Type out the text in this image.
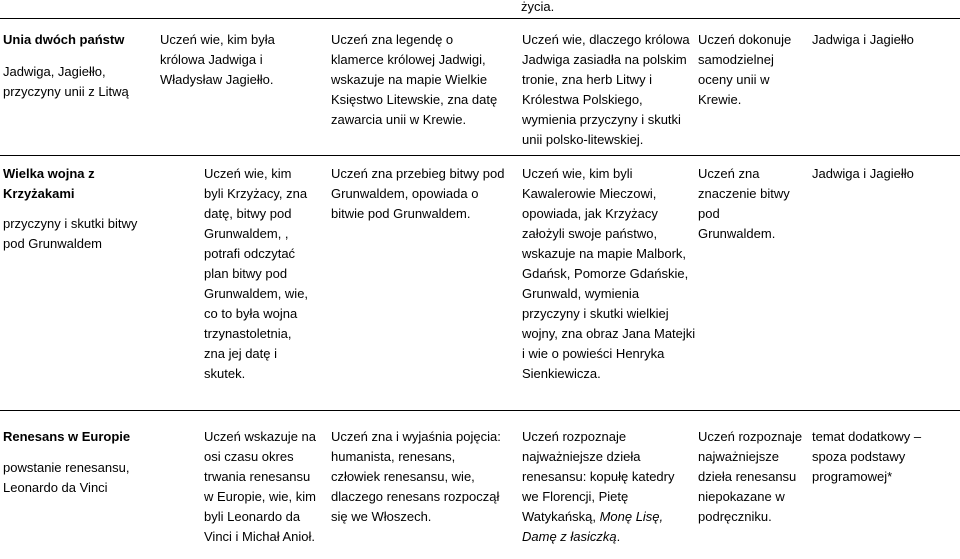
życia.

Unia dwóch państw

Jadwiga, Jagiełło, przyczyny unii z Litwą

Uczeń wie, kim była królowa Jadwiga i Władysław Jagiełło.

Uczeń zna legendę o klamerce królowej Jadwigi, wskazuje na mapie Wielkie Księstwo Litewskie, zna datę zawarcia unii w Krewie.

Uczeń wie, dlaczego królowa Jadwiga zasiadła na polskim tronie, zna herb Litwy i Królestwa Polskiego, wymienia przyczyny i skutki unii polsko-litewskiej.

Uczeń dokonuje samodzielnej oceny unii w Krewie.

Jadwiga i Jagiełło

Wielka wojna z Krzyżakami

przyczyny i skutki bitwy pod Grunwaldem

Uczeń wie, kim byli Krzyżacy, zna datę, bitwy pod Grunwaldem, , potrafi odczytać plan bitwy pod Grunwaldem, wie, co to była wojna trzynastoletnia, zna jej datę i skutek.

Uczeń zna przebieg bitwy pod Grunwaldem, opowiada o bitwie pod Grunwaldem.

Uczeń wie, kim byli Kawalerowie Mieczowi, opowiada, jak Krzyżacy założyli swoje państwo, wskazuje na mapie Malbork, Gdańsk, Pomorze Gdańskie, Grunwald, wymienia przyczyny i skutki wielkiej wojny, zna obraz Jana Matejki i wie o powieści Henryka Sienkiewicza.

Uczeń zna znaczenie bitwy pod Grunwaldem.

Jadwiga i Jagiełło

Renesans w Europie

powstanie renesansu, Leonardo da Vinci

Uczeń wskazuje na osi czasu okres trwania renesansu w Europie, wie, kim byli Leonardo da Vinci i Michał Anioł.

Uczeń zna i wyjaśnia pojęcia: humanista, renesans, człowiek renesansu, wie, dlaczego renesans rozpoczął się we Włoszech.

Uczeń rozpoznaje najważniejsze dzieła renesansu: kopułę katedry we Florencji, Pietę Watykańską, Monę Lisę, Damę z łasiczką.

Uczeń rozpoznaje najważniejsze dzieła renesansu niepokazane w podręczniku.

temat dodatkowy – spoza podstawy programowej*
